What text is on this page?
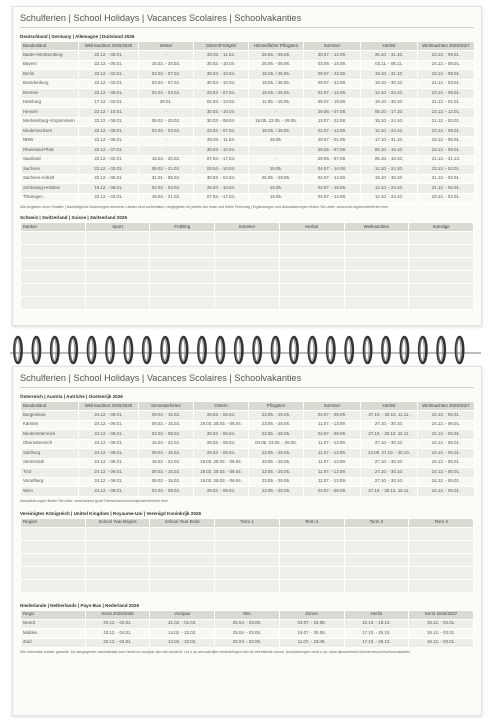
Schulferien | School Holidays | Vacances Scolaires | Schoolvakanties
Deutschland | Germany | Allemagne | Duitsland 2026
Bundesland	Weihnachten 2025/2026	Winter	Ostern/Frühjahr	Himmelfahrt/ Pfingsten	Sommer	Herbst	Weihnachten 2026/2027
Baden-Württemberg	22.12. - 05.01.	-	30.03. - 11.04.	26.05. - 05.06.	30.07. - 12.09.	26.10. - 31.10.	23.12. - 09.01.
Bayern	22.12. - 05.01.	16.02. - 20.02.	30.03. - 10.04.	26.05. - 05.06.	03.08. - 14.09.	02.11. - 06.11.	24.12. - 08.01.
Berlin	22.12. - 02.01.	02.02. - 07.02.	30.03. - 10.04.	15.05. / 26.05.	09.07. - 22.08.	19.10. - 31.10.	23.12. - 09.01.
Brandenburg	22.12. - 02.01.	02.02. - 07.02.	30.03. - 10.04.	15.05. / 26.05.	09.07. - 22.08.	19.10. - 30.10.	21.12. - 03.01.
Bremen	22.12. - 05.01.	02.02. - 03.02.	23.03. - 07.04.	15.05. / 26.05.	02.07. - 12.08.	12.10. - 24.10.	23.12. - 09.01.
Hamburg	17.12. - 02.01.	30.01.	02.03. - 13.03.	11.05. - 15.05.	09.07. - 19.08.	19.10. - 30.10.	21.12. - 01.01.
Hessen	22.12. - 10.01.	-	30.03. - 10.04.	-	29.06. - 07.08.	05.10. - 17.10.	23.12. - 12.01.
Mecklenburg-Vorpommern	22.12. - 05.01.	09.02. - 20.02.	30.03. - 08.04.	15.05. 22.05. - 26.05.	13.07. - 22.08.	15.10. - 24.10.	21.12. - 02.01.
Niedersachsen	22.12. - 05.01.	02.02. - 03.02.	23.03. - 07.04.	15.05. / 26.05.	02.07. - 12.08.	12.10. - 24.10.	23.12. - 09.01.
NRW	22.12. - 06.01.	-	30.03. - 11.04.	26.05.	20.07. - 01.09.	17.10. - 31.10.	23.12. - 06.01.
Rheinland-Pfalz	22.12. - 07.01.	-	30.03. - 10.04.	-	29.06. - 07.08.	05.10. - 16.10.	23.12. - 08.01.
Saarland	22.12. - 02.01.	16.02. - 20.02.	07.04. - 17.04.	-	29.06. - 07.08.	05.10. - 16.10.	21.12. - 31.12.
Sachsen	22.12. - 02.01.	09.02. - 21.02.	03.04. - 10.04.	15.05.	04.07. - 14.08.	12.10. - 24.10.	23.12. - 02.01.
Sachsen-Anhalt	22.12. - 05.01.	31.01. - 06.02.	30.03. - 04.04.	26.05. - 29.05.	04.07. - 14.08.	19.10. - 30.10.	21.12. - 02.01.
Schleswig-Holstein	19.12. - 06.01.	02.02. - 03.02.	26.03. - 10.04.	15.05.	04.07. - 15.08.	12.10. - 24.10.	21.12. - 06.01.
Thüringen	22.12. - 03.01.	16.02. - 21.02.	07.04. - 17.04.	15.05.	04.07. - 14.08.	12.10. - 24.10.	23.12. - 02.01.
Alle Angaben ohne Gewähr | Nachträgliche Änderungen einzelner Länder sind vorbehalten | Angegeben ist jeweils der erste und letzte Ferientag | Ergänzungen und Aktualisierungen finden Sie unter: www.kmk.org/service/ferien.html
Schweiz | Switzerland | Suisse | Zwitserland 2026
Kanton	Sport	Frühling	Sommer	Herbst	Weihnachten	Sonstige

Schulferien | School Holidays | Vacances Scolaires | Schoolvakanties
Österreich | Austria | Autriche | Oostenrijk 2026
Bundesland	Weihnachten 2025/2026	Semesterferien	Ostern	Pfingsten	Sommer	Herbst	Weihnachten 2026/2027
Burgenland	24.12. - 06.01.	09.02. - 15.02.	28.03. - 06.04.	23.05. - 25.05.	04.07. - 06.09.	27.10. - 30.10. 11.11.	24.12. - 06.01.
Kärnten	24.12. - 06.01.	09.02. - 15.02.	19.03. 28.03. - 06.04.	23.05. - 25.05.	11.07. - 13.09.	27.10. - 30.10.	24.12. - 06.01.
Niederösterreich	24.12. - 06.01.	02.02. - 08.02.	28.03. - 06.04.	23.05. - 25.05.	04.07. - 06.09.	27.10. - 30.10. 15.11.	24.12. - 06.01.
Oberösterreich	24.12. - 06.01.	16.02. - 22.02.	28.03. - 06.04.	04.05. 23.05. - 25.05.	11.07. - 13.09.	27.10. - 30.10.	24.12. - 06.01.
Salzburg	24.12. - 06.01.	09.02. - 15.02.	28.03. - 06.04.	23.05. - 25.05.	11.07. - 13.09.	24.09. 27.10. - 30.10.	24.12. - 06.01.
Steiermark	24.12. - 06.01.	16.02. - 22.02.	19.03. 28.03. - 06.04.	23.05. - 25.05.	11.07. - 13.09.	27.10. - 30.10.	24.12. - 06.01.
Tirol	24.12. - 06.01.	09.02. - 15.02.	19.03. 28.03. - 06.04.	23.05. - 25.05.	11.07. - 13.09.	27.10. - 30.10.	24.12. - 06.01.
Vorarlberg	24.12. - 06.01.	09.02. - 15.02.	19.03. 28.03. - 06.04.	23.05. - 25.05.	11.07. - 13.09.	27.10. - 30.10.	24.12. - 06.01.
Wien	24.12. - 06.01.	02.02. - 08.02.	28.03. - 06.04.	23.05. - 25.05.	04.07. - 06.09.	27.10. - 30.10. 15.11.	24.12. - 06.01.
Aktualisierungen finden Sie unter: www.bmbwf.gv.at/Themen/schule/schulpraxis/termine.html
Vereinigtes Königreich | United Kingdom | Royaume-Uni | Verenigd Koninkrijk 2026
Region	School Year Begins	School Year Ends	Term 1	Term 2	Term 3	Term 4

Niederlande | Netherlands | Pays-Bas | Nederland 2026
Regio	Kerst 2025/2026	Voorjaar	Mei	Zomer	Herfst	Kerst 2026/2027
Noord	20.12. - 04.01.	21.02. - 01.03.	25.04. - 03.05.	04.07. - 16.08.	10.10. - 18.10.	19.12. - 03.01.
Midden	20.12. - 04.01.	14.02. - 22.02.	25.04. - 03.05.	18.07. - 30.08.	17.10. - 25.10.	19.12. - 03.01.
Zuid	20.12. - 04.01.	14.02. - 22.02.	25.04. - 03.05.	11.07. - 23.08.	17.10. - 25.10.	19.12. - 03.01.
Alle informatie zonder garantie. De aangegeven vakantiedata voor herfst en voorjaar zijn niet verplicht. Let u op afzonderlijke mededelingen van de betreffende school. Actualiseringen vindt u op: www.rijksoverheid.nl/onderwerpen/schoolvakanties
